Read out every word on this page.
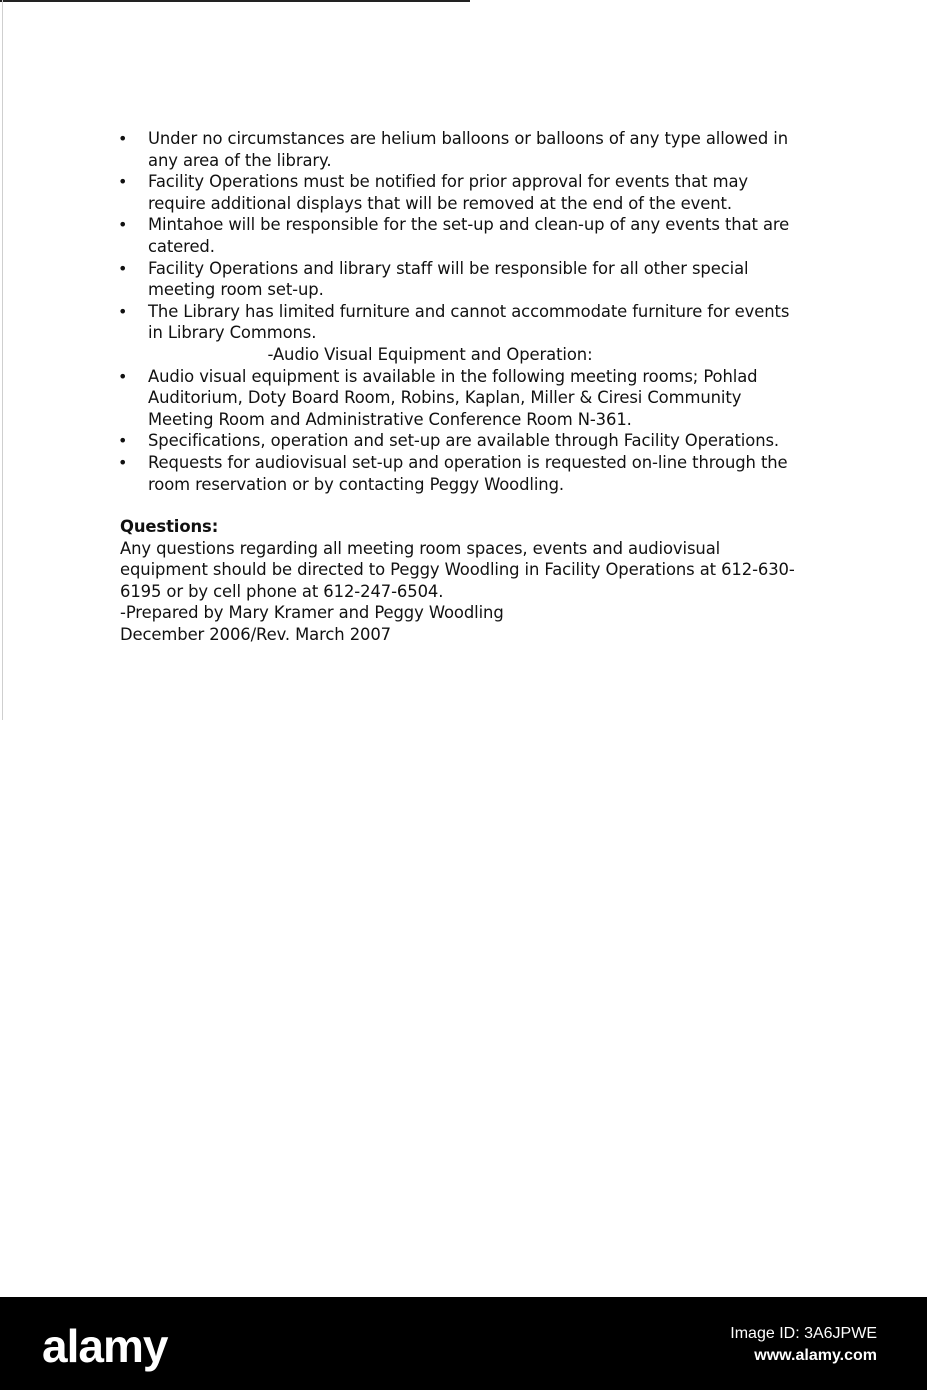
• Under no circumstances are helium balloons or balloons of any type allowed in any area of the library.
• Facility Operations must be notified for prior approval for events that may require additional displays that will be removed at the end of the event.
• Mintahoe will be responsible for the set-up and clean-up of any events that are catered.
• Facility Operations and library staff will be responsible for all other special meeting room set-up.
• The Library has limited furniture and cannot accommodate furniture for events in Library Commons.

-Audio Visual Equipment and Operation:

• Audio visual equipment is available in the following meeting rooms; Pohlad Auditorium, Doty Board Room, Robins, Kaplan, Miller & Ciresi Community Meeting Room and Administrative Conference Room N-361.
• Specifications, operation and set-up are available through Facility Operations.
• Requests for audiovisual set-up and operation is requested on-line through the room reservation or by contacting Peggy Woodling.
Questions:

Any questions regarding all meeting room spaces, events and audiovisual equipment should be directed to Peggy Woodling in Facility Operations at 612-630-6195 or by cell phone at 612-247-6504.

-Prepared by Mary Kramer and Peggy Woodling

December 2006/Rev. March 2007

alamy	Image ID: 3A6JPWE
www.alamy.com
